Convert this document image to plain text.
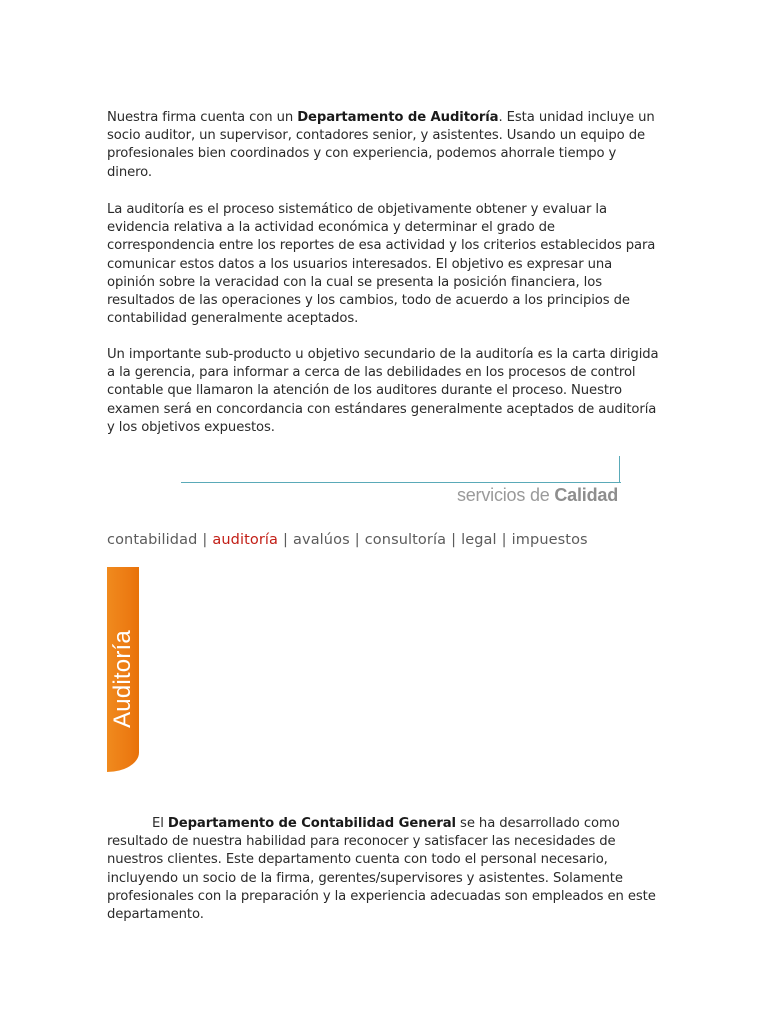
Nuestra firma cuenta con un Departamento de Auditoría. Esta unidad incluye un socio auditor, un supervisor, contadores senior, y asistentes. Usando un equipo de profesionales bien coordinados y con experiencia, podemos ahorrale tiempo y dinero.

La auditoría es el proceso sistemático de objetivamente obtener y evaluar la evidencia relativa a la actividad económica y determinar el grado de correspondencia entre los reportes de esa actividad y los criterios establecidos para comunicar estos datos a los usuarios interesados. El objetivo es expresar una opinión sobre la veracidad con la cual se presenta la posición financiera, los resultados de las operaciones y los cambios, todo de acuerdo a los principios de contabilidad generalmente aceptados.

Un importante sub-producto u objetivo secundario de la auditoría es la carta dirigida a la gerencia, para informar a cerca de las debilidades en los procesos de control contable que llamaron la atención de los auditores durante el proceso. Nuestro examen será en concordancia con estándares generalmente aceptados de auditoría y los objetivos expuestos.

servicios de Calidad
contabilidad | auditoría | avalúos | consultoría | legal | impuestos
Auditoría

El Departamento de Contabilidad General se ha desarrollado como resultado de nuestra habilidad para reconocer y satisfacer las necesidades de nuestros clientes. Este departamento cuenta con todo el personal necesario, incluyendo un socio de la firma, gerentes/supervisores y asistentes. Solamente profesionales con la preparación y la experiencia adecuadas son empleados en este departamento.
